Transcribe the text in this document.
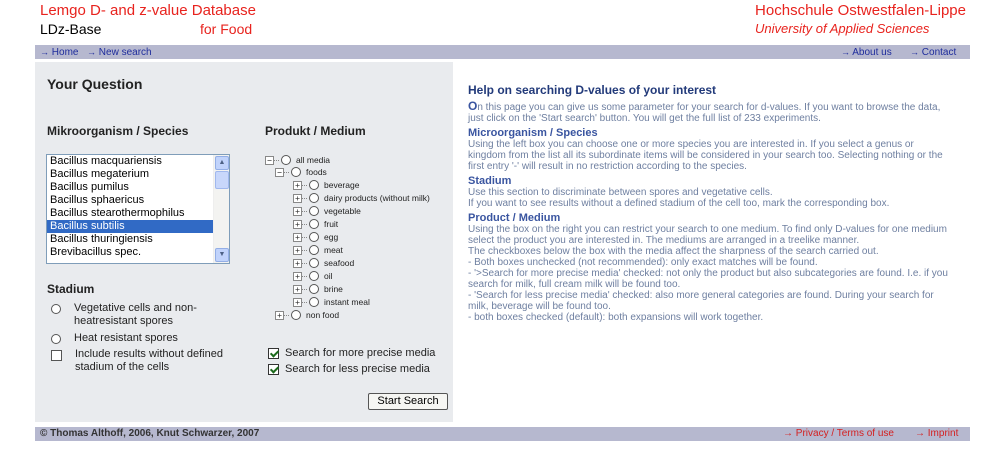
Lemgo D- and z-value Database
LDz-Base	for Food
Hochschule Ostwestfalen-Lippe
University of Applied Sciences
→ Home → New search	→ About us → Contact
Your Question
Mikroorganism / Species	Produkt / Medium
Bacillus macquariensis
Bacillus megaterium
Bacillus pumilus
Bacillus sphaericus
Bacillus stearothermophilus
Bacillus subtilis
Bacillus thuringiensis
Brevibacillus spec.
▲
▼
Stadium
Vegetative cells and non-heatresistant spores
Heat resistant spores
Include results without defined stadium of the cells
−	all media
−	foods
+	beverage
+	dairy products (without milk)
+	vegetable
+	fruit
+	egg
+	meat
+	seafood
+	oil
+	brine
+	instant meal
+	non food
Search for more precise media
Search for less precise media
Start Search
Help on searching D-values of your interest
On this page you can give us some parameter for your search for d-values. If you want to browse the data,
just click on the 'Start search' button. You will get the full list of 233 experiments.
Microorganism / Species
Using the left box you can choose one or more species you are interested in. If you select a genus or
kingdom from the list all its subordinate items will be considered in your search too. Selecting nothing or the
first entry '-' will result in no restriction according to the species.
Stadium
Use this section to discriminate between spores and vegetative cells.
If you want to see results without a defined stadium of the cell too, mark the corresponding box.
Product / Medium
Using the box on the right you can restrict your search to one medium. To find only D-values for one medium
select the product you are interested in. The mediums are arranged in a treelike manner.
The checkboxes below the box with the media affect the sharpness of the search carried out.
- Both boxes unchecked (not recommended): only exact matches will be found.
- '>Search for more precise media' checked: not only the product but also subcategories are found. I.e. if you
search for milk, full cream milk will be found too.
- 'Search for less precise media' checked: also more general categories are found. During your search for
milk, beverage will be found too.
- both boxes checked (default): both expansions will work together.
© Thomas Althoff, 2006, Knut Schwarzer, 2007	→ Privacy / Terms of use → Imprint
